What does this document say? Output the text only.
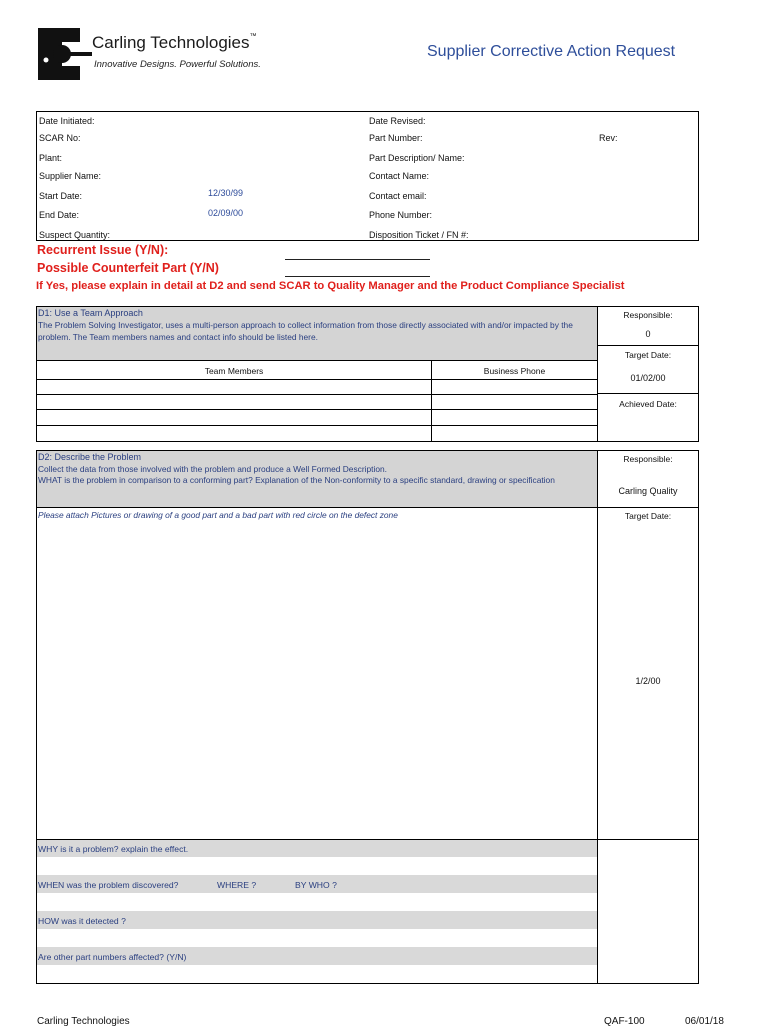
Carling Technologies™
Innovative Designs. Powerful Solutions.
Supplier Corrective Action Request
Date Initiated:
SCAR No:
Plant:
Supplier Name:
Start Date:	12/30/99
End Date:	02/09/00
Suspect Quantity:
Date Revised:
Part Number:	Rev:
Part Description/ Name:
Contact Name:
Contact email:
Phone Number:
Disposition Ticket / FN #:
Recurrent Issue (Y/N):
Possible Counterfeit Part (Y/N)
If Yes, please explain in detail at D2 and send SCAR to Quality Manager and the Product Compliance Specialist
D1: Use a Team Approach
The Problem Solving Investigator, uses a multi-person approach to collect information from those directly associated with and/or impacted by the problem. The Team members names and contact info should be listed here.
Responsible:
0
Target Date:
01/02/00
Achieved Date:
Team Members	Business Phone
D2: Describe the Problem
Collect the data from those involved with the problem and produce a Well Formed Description.
WHAT is the problem in comparison to a conforming part? Explanation of the Non-conformity to a specific standard, drawing or specification
Responsible:
Carling Quality
Target Date:
1/2/00
Please attach Pictures or drawing of a good part and a bad part with red circle on the defect zone
WHY is it a problem? explain the effect.
WHEN was the problem discovered?	WHERE ?	BY WHO ?
HOW was it detected ?
Are other part numbers affected? (Y/N)
Carling Technologies	QAF-100	06/01/18
